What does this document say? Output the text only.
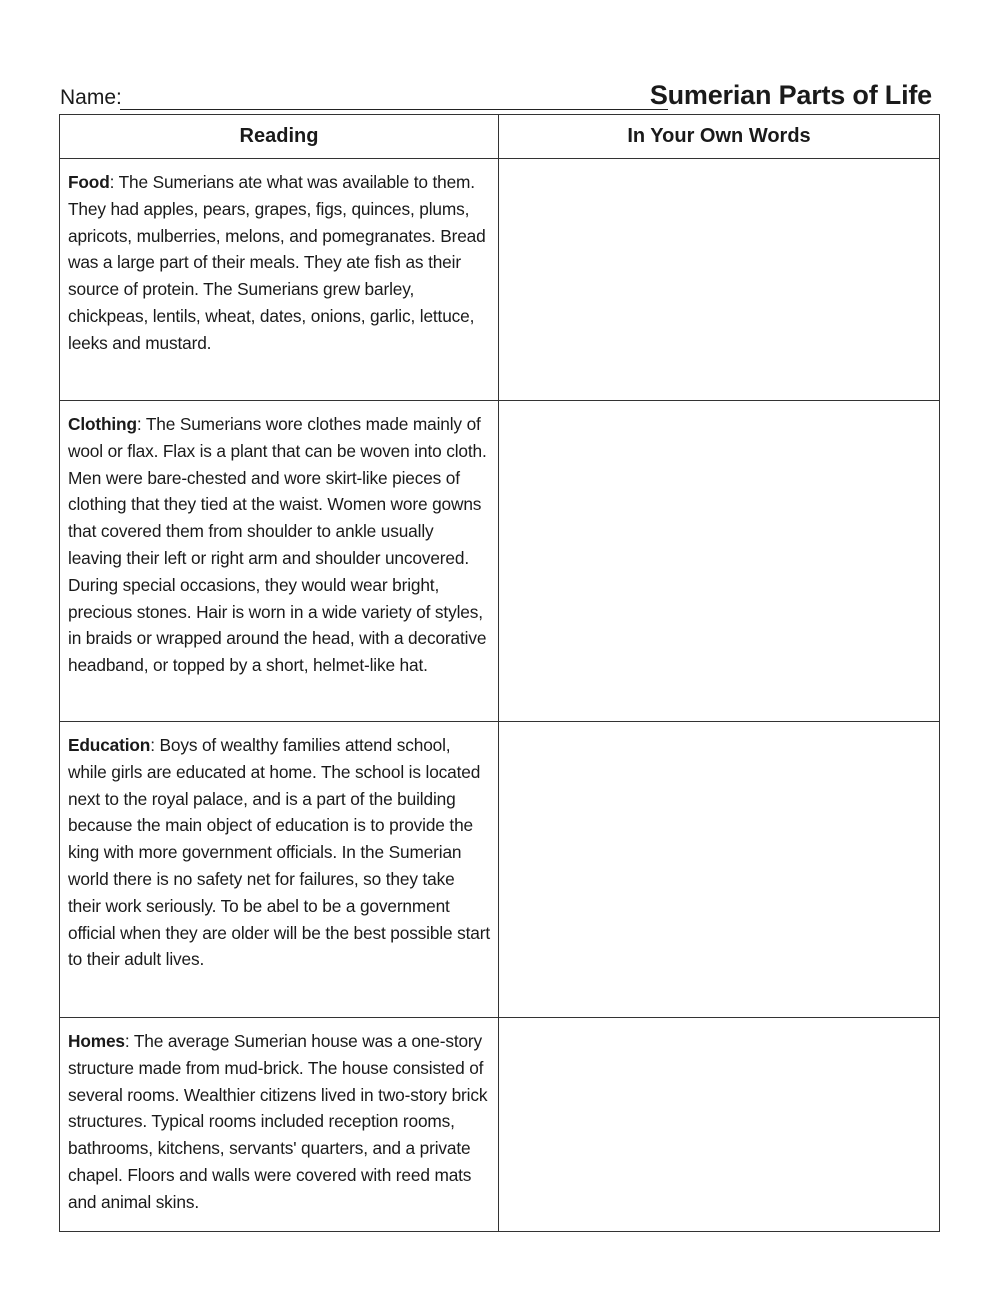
Name:	Sumerian Parts of Life
Reading	In Your Own Words
Food: The Sumerians ate what was available to them. They had apples, pears, grapes, figs, quinces, plums, apricots, mulberries, melons, and pomegranates. Bread was a large part of their meals. They ate fish as their source of protein. The Sumerians grew barley, chickpeas, lentils, wheat, dates, onions, garlic, lettuce, leeks and mustard.	

Clothing: The Sumerians wore clothes made mainly of wool or flax. Flax is a plant that can be woven into cloth. Men were bare-chested and wore skirt-like pieces of clothing that they tied at the waist. Women wore gowns that covered them from shoulder to ankle usually leaving their left or right arm and shoulder uncovered. During special occasions, they would wear bright, precious stones. Hair is worn in a wide variety of styles, in braids or wrapped around the head, with a decorative headband, or topped by a short, helmet-like hat.	

Education: Boys of wealthy families attend school, while girls are educated at home. The school is located next to the royal palace, and is a part of the building because the main object of education is to provide the king with more government officials. In the Sumerian world there is no safety net for failures, so they take their work seriously. To be abel to be a government official when they are older will be the best possible start to their adult lives.	

Homes: The average Sumerian house was a one-story structure made from mud-brick. The house consisted of several rooms. Wealthier citizens lived in two-story brick structures. Typical rooms included reception rooms, bathrooms, kitchens, servants' quarters, and a private chapel. Floors and walls were covered with reed mats and animal skins.	
